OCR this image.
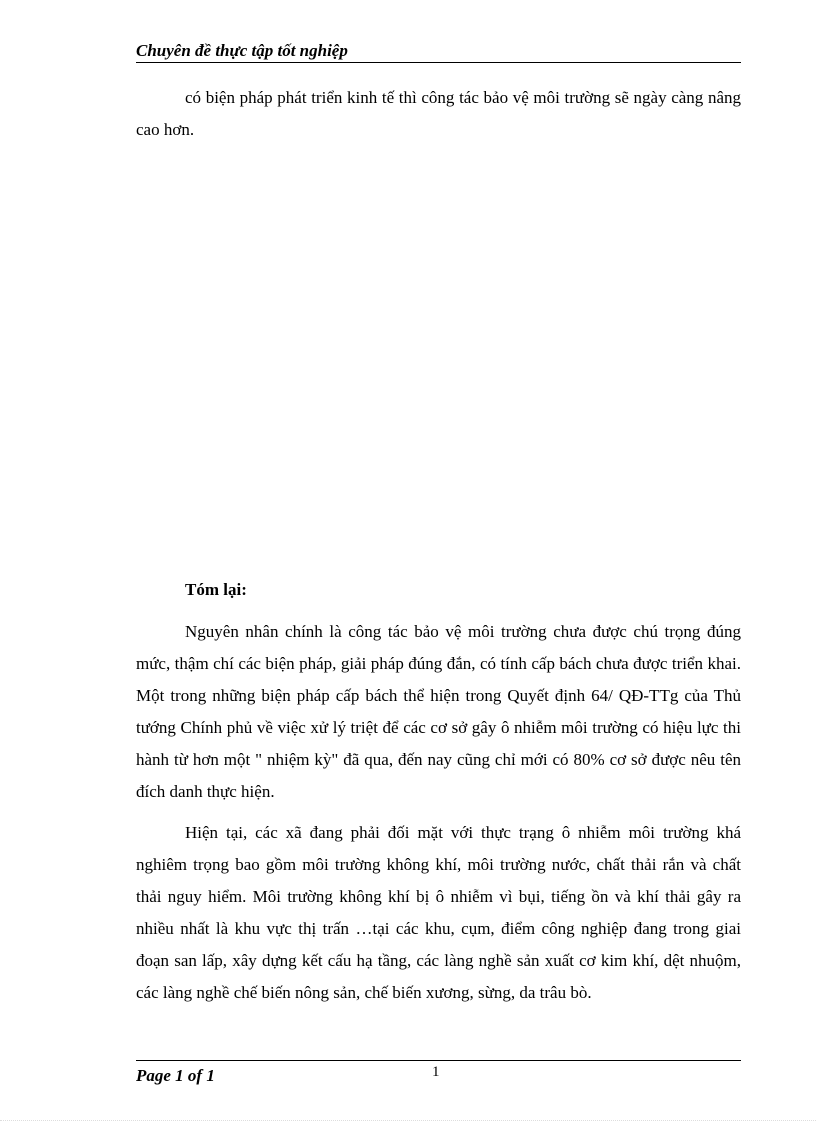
Chuyên đề thực tập tốt nghiệp

có biện pháp phát triển kinh tế thì công tác bảo vệ môi trường sẽ ngày càng nâng cao hơn.

Tóm lại:

Nguyên nhân chính là công tác bảo vệ môi trường chưa được chú trọng đúng mức, thậm chí các biện pháp, giải pháp đúng đắn, có tính cấp bách chưa được triển khai. Một trong những biện pháp cấp bách thể hiện trong Quyết định 64/ QĐ-TTg của Thủ tướng Chính phủ về việc xử lý triệt để các cơ sở gây ô nhiễm môi trường có hiệu lực thi hành từ hơn một " nhiệm kỳ" đã qua, đến nay cũng chỉ mới có 80% cơ sở được nêu tên đích danh thực hiện.

Hiện tại, các xã đang phải đối mặt với thực trạng ô nhiễm môi trường khá nghiêm trọng bao gồm môi trường không khí, môi trường nước, chất thải rắn và chất thải nguy hiểm. Môi trường không khí bị ô nhiễm vì bụi, tiếng ồn và khí thải gây ra nhiều nhất là khu vực thị trấn …tại các khu, cụm, điểm công nghiệp đang trong giai đoạn san lấp, xây dựng kết cấu hạ tầng, các làng nghề sản xuất cơ kim khí, dệt nhuộm, các làng nghề chế biến nông sản, chế biến xương, sừng, da trâu bò.

Page 1 of 1	1
